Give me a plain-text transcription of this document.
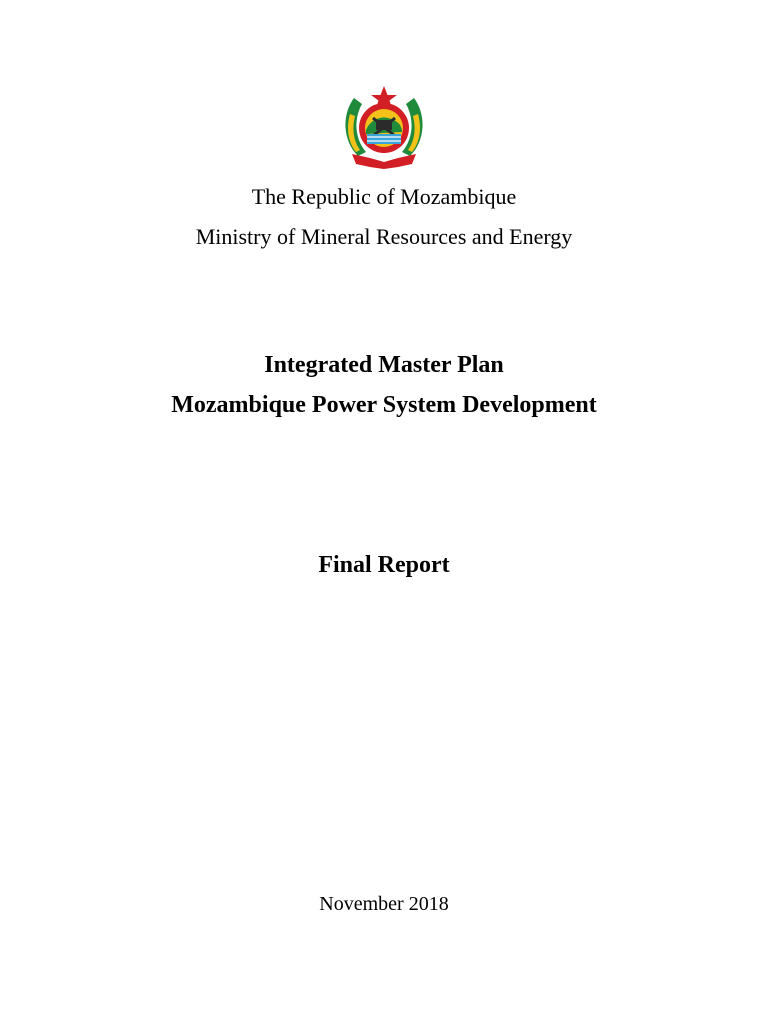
The Republic of Mozambique
Ministry of Mineral Resources and Energy
Integrated Master Plan
Mozambique Power System Development
Final Report
November 2018
